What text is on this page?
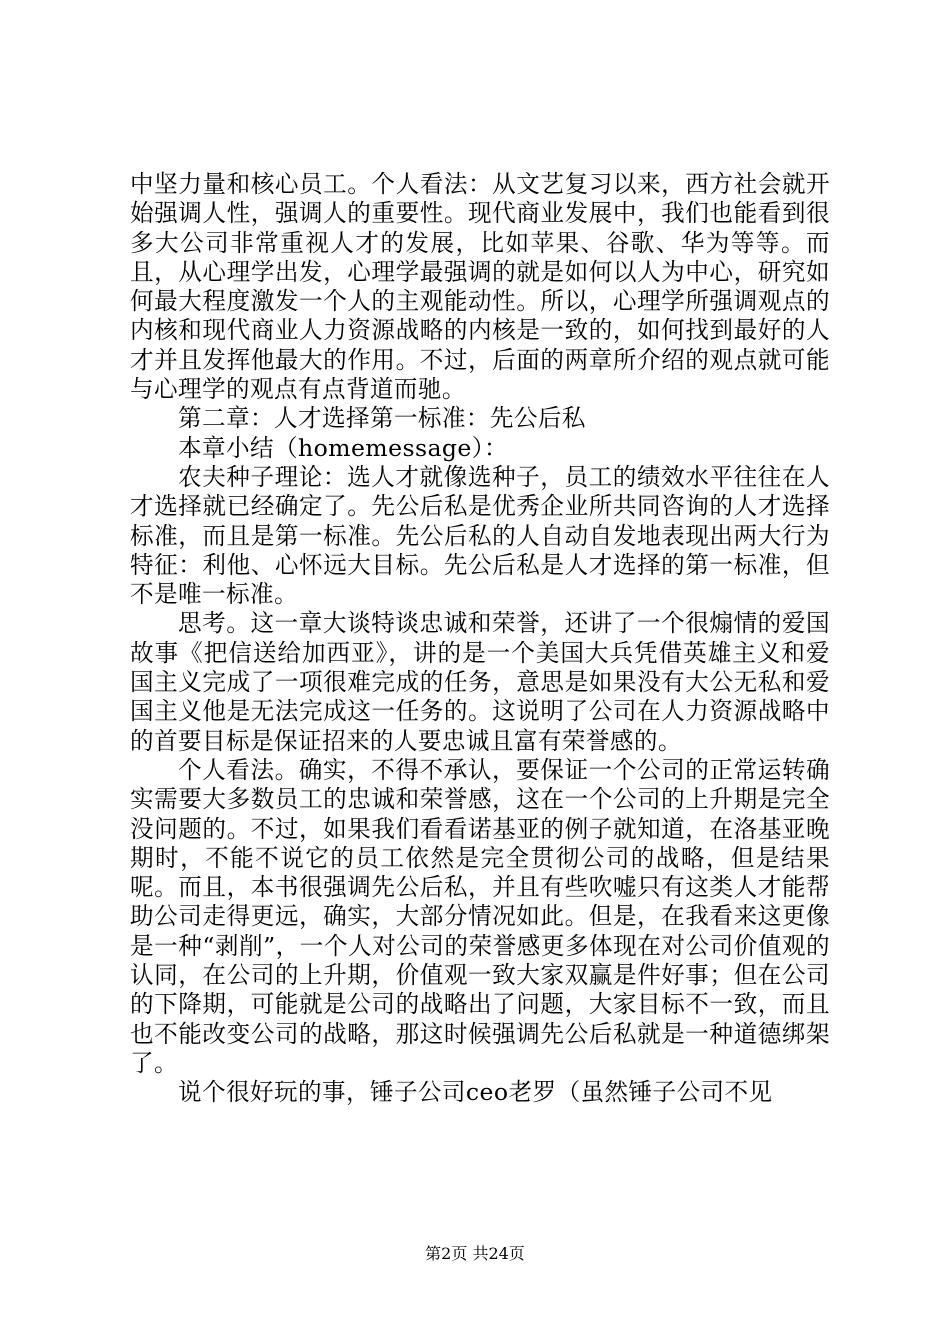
中坚力量和核心员工。个人看法：从文艺复习以来，西方社会就开始强调人性，强调人的重要性。现代商业发展中，我们也能看到很多大公司非常重视人才的发展，比如苹果、谷歌、华为等等。而且，从心理学出发，心理学最强调的就是如何以人为中心，研究如何最大程度激发一个人的主观能动性。所以，心理学所强调观点的内核和现代商业人力资源战略的内核是一致的，如何找到最好的人才并且发挥他最大的作用。不过，后面的两章所介绍的观点就可能与心理学的观点有点背道而驰。

第二章：人才选择第一标准：先公后私

本章小结（homemessage）：

农夫种子理论：选人才就像选种子，员工的绩效水平往往在人才选择就已经确定了。先公后私是优秀企业所共同咨询的人才选择标准，而且是第一标准。先公后私的人自动自发地表现出两大行为特征：利他、心怀远大目标。先公后私是人才选择的第一标准，但不是唯一标准。

思考。这一章大谈特谈忠诚和荣誉，还讲了一个很煽情的爱国故事《把信送给加西亚》，讲的是一个美国大兵凭借英雄主义和爱国主义完成了一项很难完成的任务，意思是如果没有大公无私和爱国主义他是无法完成这一任务的。这说明了公司在人力资源战略中的首要目标是保证招来的人要忠诚且富有荣誉感的。

个人看法。确实，不得不承认，要保证一个公司的正常运转确实需要大多数员工的忠诚和荣誉感，这在一个公司的上升期是完全没问题的。不过，如果我们看看诺基亚的例子就知道，在洛基亚晚期时，不能不说它的员工依然是完全贯彻公司的战略，但是结果呢。而且，本书很强调先公后私，并且有些吹嘘只有这类人才能帮助公司走得更远，确实，大部分情况如此。但是，在我看来这更像是一种“剥削”，一个人对公司的荣誉感更多体现在对公司价值观的认同，在公司的上升期，价值观一致大家双赢是件好事；但在公司的下降期，可能就是公司的战略出了问题，大家目标不一致，而且也不能改变公司的战略，那这时候强调先公后私就是一种道德绑架了。

说个很好玩的事，锤子公司ceo老罗（虽然锤子公司不见

第2页 共24页
